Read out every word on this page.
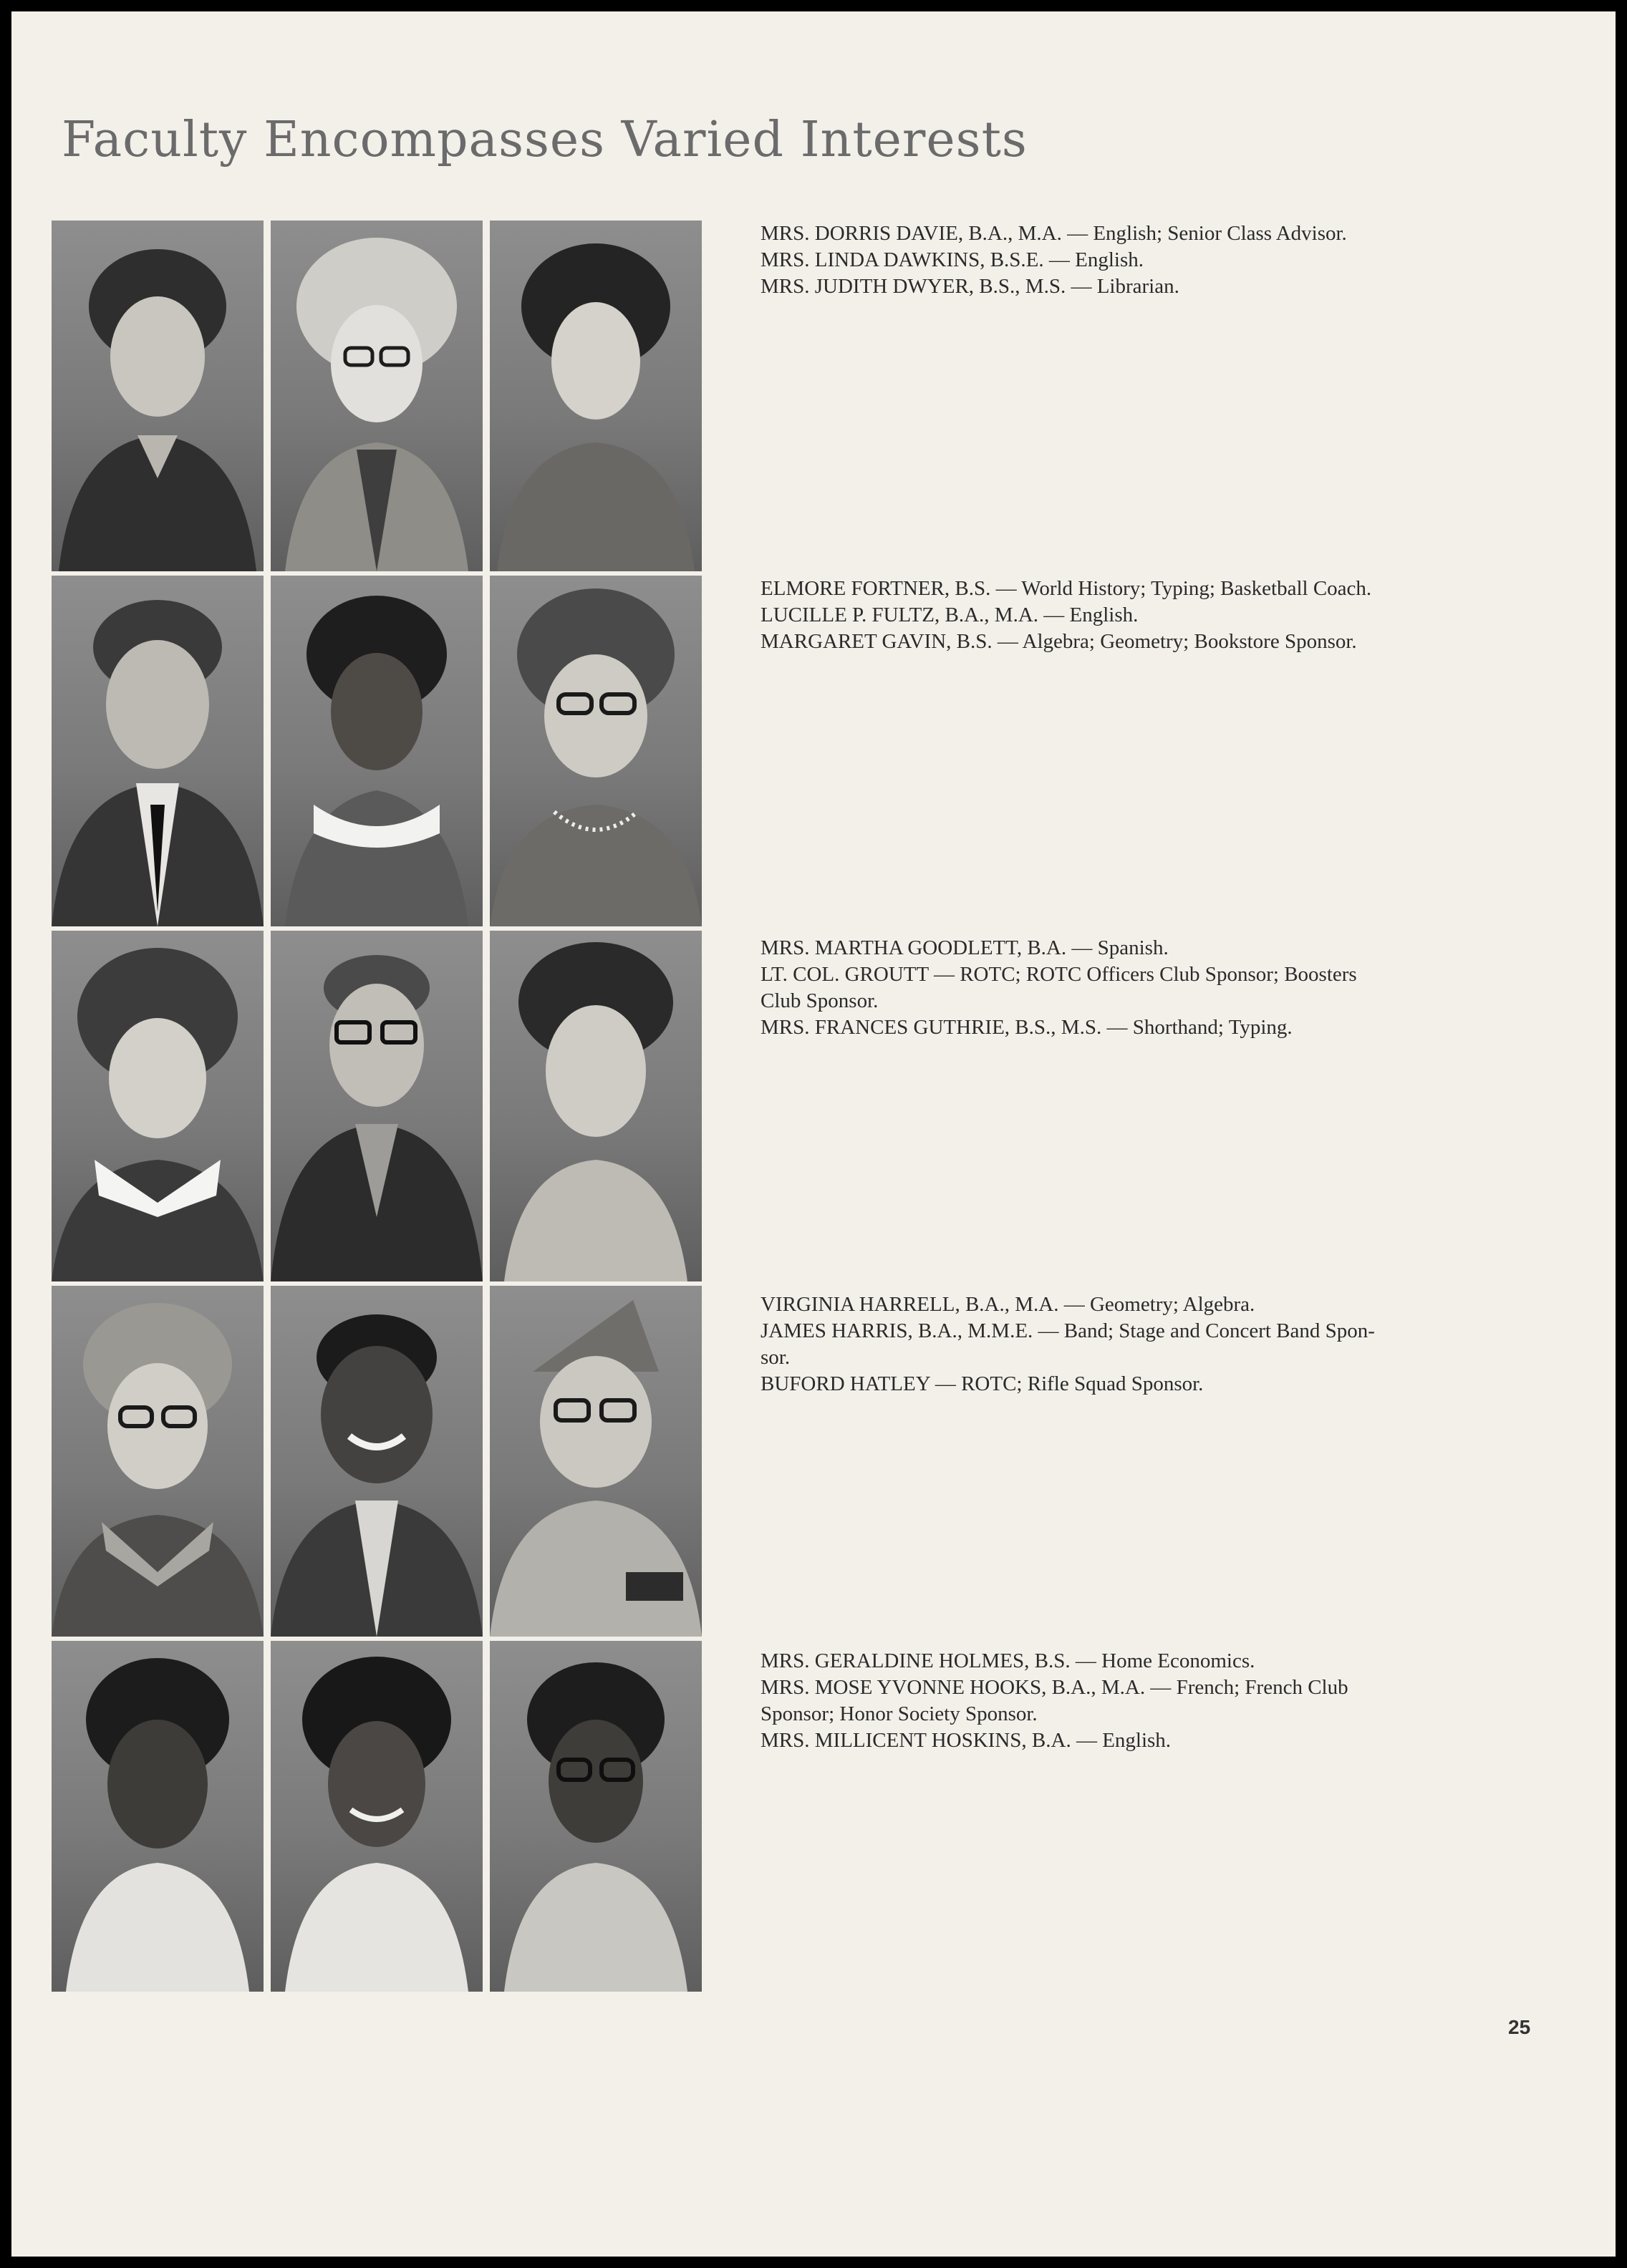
Faculty Encompasses Varied Interests
MRS. DORRIS DAVIE, B.A., M.A. — English; Senior Class Advisor.
MRS. LINDA DAWKINS, B.S.E. — English.
MRS. JUDITH DWYER, B.S., M.S. — Librarian.
ELMORE FORTNER, B.S. — World History; Typing; Basketball Coach.
LUCILLE P. FULTZ, B.A., M.A. — English.
MARGARET GAVIN, B.S. — Algebra; Geometry; Bookstore Sponsor.
MRS. MARTHA GOODLETT, B.A. — Spanish.
LT. COL. GROUTT — ROTC; ROTC Officers Club Sponsor; Boosters
Club Sponsor.
MRS. FRANCES GUTHRIE, B.S., M.S. — Shorthand; Typing.
VIRGINIA HARRELL, B.A., M.A. — Geometry; Algebra.
JAMES HARRIS, B.A., M.M.E. — Band; Stage and Concert Band Spon-
sor.
BUFORD HATLEY — ROTC; Rifle Squad Sponsor.
MRS. GERALDINE HOLMES, B.S. — Home Economics.
MRS. MOSE YVONNE HOOKS, B.A., M.A. — French; French Club
Sponsor; Honor Society Sponsor.
MRS. MILLICENT HOSKINS, B.A. — English.
25
